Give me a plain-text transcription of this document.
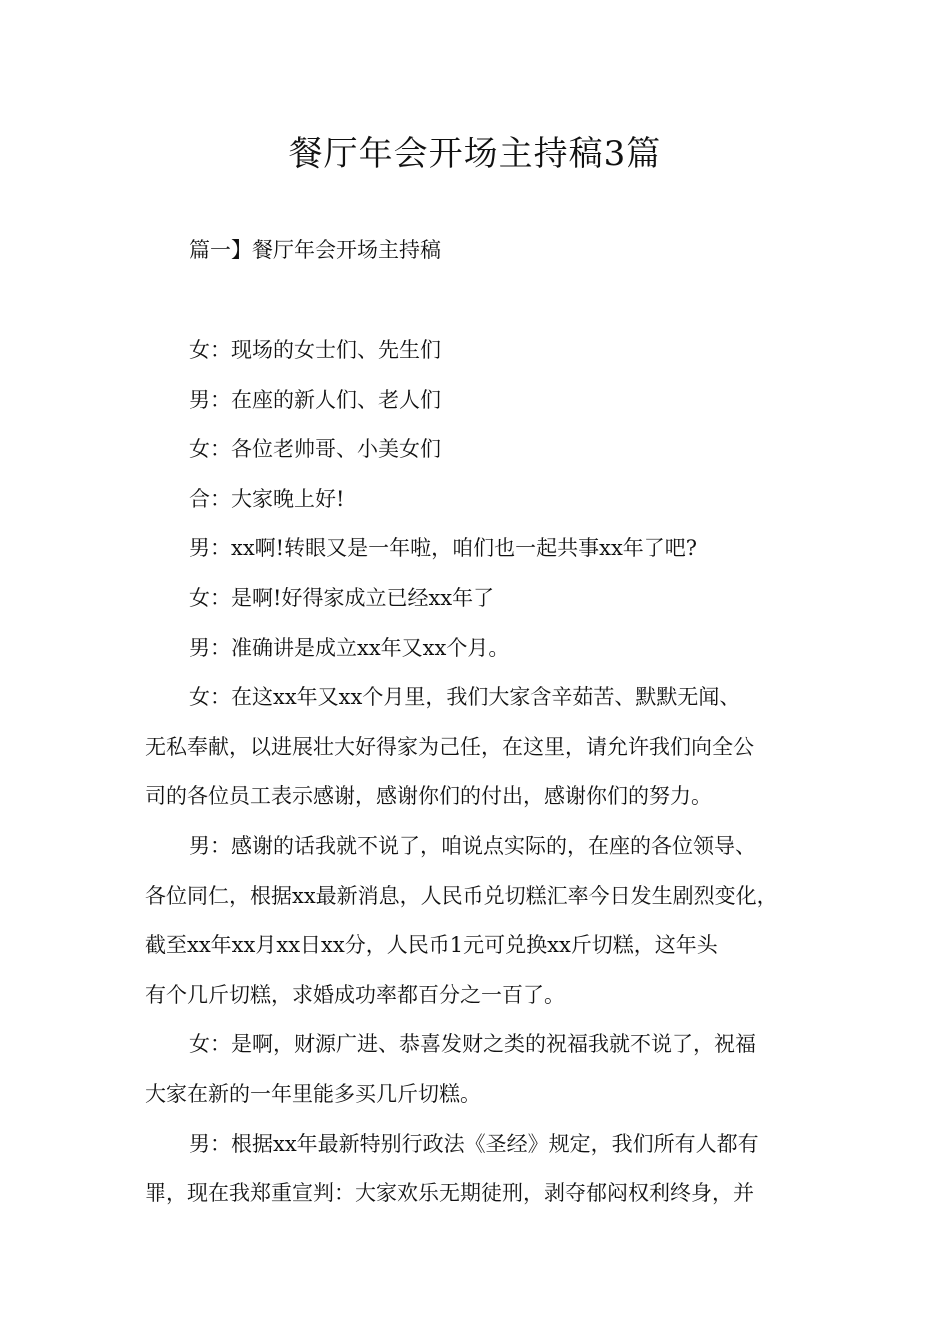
餐厅年会开场主持稿3篇

篇一】餐厅年会开场主持稿

女：现场的女士们、先生们

男：在座的新人们、老人们

女：各位老帅哥、小美女们

合：大家晚上好!

男：xx啊!转眼又是一年啦，咱们也一起共事xx年了吧?

女：是啊!好得家成立已经xx年了

男：准确讲是成立xx年又xx个月。

女：在这xx年又xx个月里，我们大家含辛茹苦、默默无闻、

无私奉献，以进展壮大好得家为己任，在这里，请允许我们向全公

司的各位员工表示感谢，感谢你们的付出，感谢你们的努力。

男：感谢的话我就不说了，咱说点实际的，在座的各位领导、

各位同仁，根据xx最新消息，人民币兑切糕汇率今日发生剧烈变化，

截至xx年xx月xx日xx分，人民币1元可兑换xx斤切糕，这年头

有个几斤切糕，求婚成功率都百分之一百了。

女：是啊，财源广进、恭喜发财之类的祝福我就不说了，祝福

大家在新的一年里能多买几斤切糕。

男：根据xx年最新特别行政法《圣经》规定，我们所有人都有

罪，现在我郑重宣判：大家欢乐无期徒刑，剥夺郁闷权利终身，并
